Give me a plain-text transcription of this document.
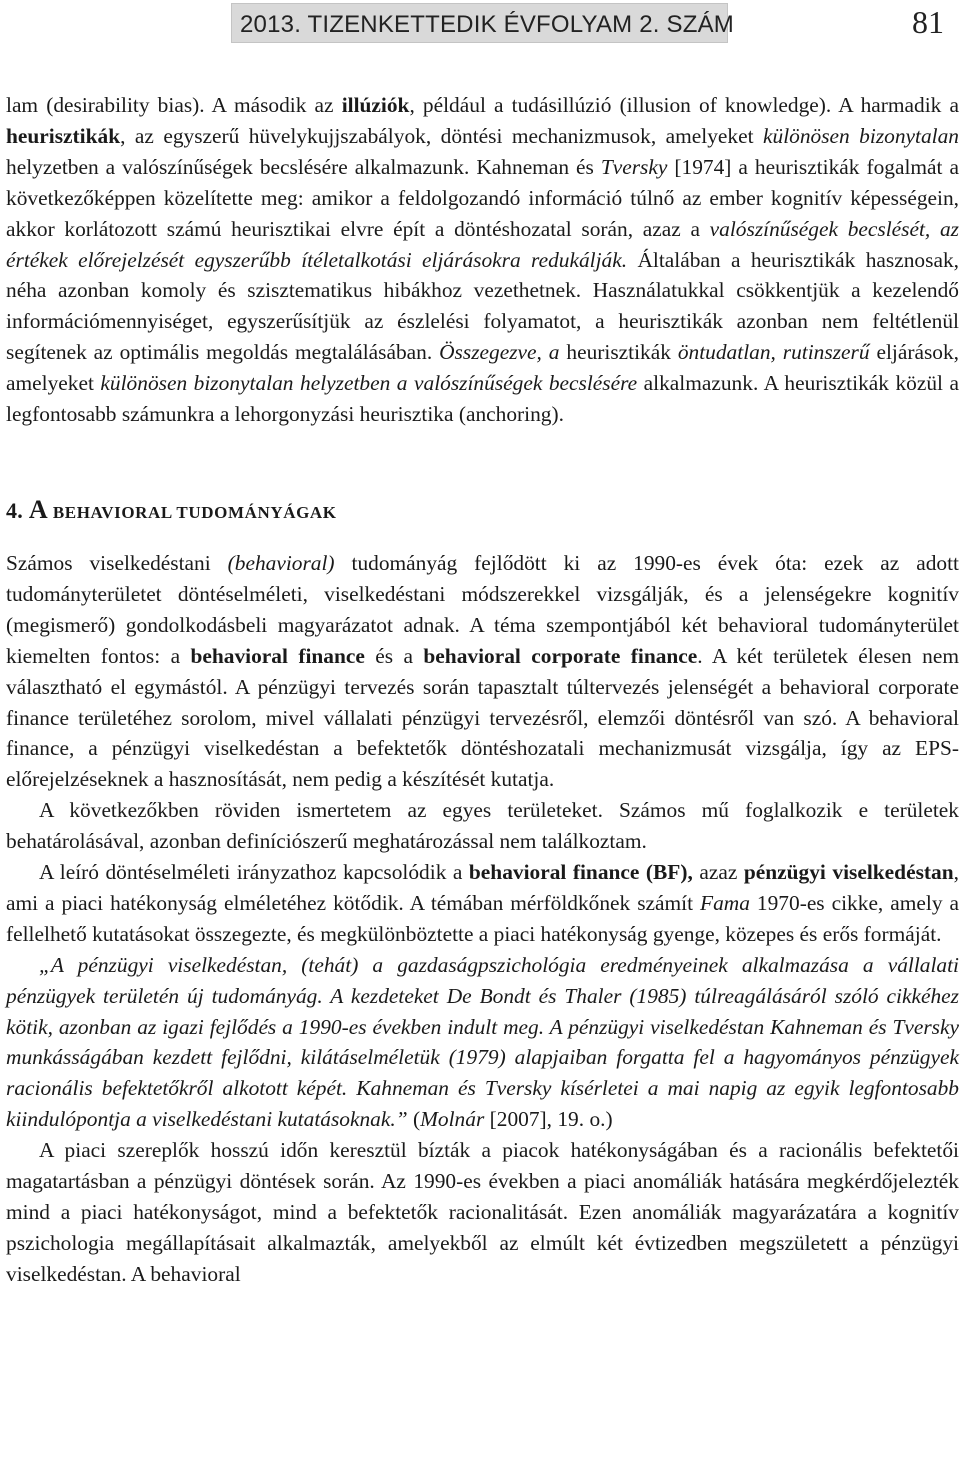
2013. TIZENKETTEDIK ÉVFOLYAM 2. SZÁM	81

lam (desirability bias). A második az illúziók, például a tudásillúzió (illusion of knowledge). A harmadik a heurisztikák, az egyszerű hüvelykujjszabályok, döntési mechanizmusok, amelyeket különösen bizonytalan helyzetben a valószínűségek becslésére alkalmazunk. Kahneman és Tversky [1974] a heurisztikák fogalmát a következőképpen közelítette meg: amikor a feldolgozandó információ túlnő az ember kognitív képességein, akkor korlátozott számú heurisztikai elvre épít a döntéshozatal során, azaz a valószínűségek becslését, az értékek előrejelzését egyszerűbb ítéletalkotási eljárásokra redukálják. Általában a heurisztikák hasznosak, néha azonban komoly és szisztematikus hibákhoz vezethetnek. Használatukkal csökkentjük a kezelendő információmennyiséget, egyszerűsítjük az észlelési folyamatot, a heurisztikák azonban nem feltétlenül segítenek az optimális megoldás megtalálásában. Összegezve, a heurisztikák öntudatlan, rutinszerű eljárások, amelyeket különösen bizonytalan helyzetben a valószínűségek becslésére alkalmazunk. A heurisztikák közül a legfontosabb számunkra a lehorgonyzási heurisztika (anchoring).

4. A BEHAVIORAL TUDOMÁNYÁGAK

Számos viselkedéstani (behavioral) tudományág fejlődött ki az 1990-es évek óta: ezek az adott tudományterületet döntéselméleti, viselkedéstani módszerekkel vizsgálják, és a jelenségekre kognitív (megismerő) gondolkodásbeli magyarázatot adnak. A téma szempontjából két behavioral tudományterület kiemelten fontos: a behavioral finance és a behavioral corporate finance. A két területek élesen nem választható el egymástól. A pénzügyi tervezés során tapasztalt túltervezés jelenségét a behavioral corporate finance területéhez sorolom, mivel vállalati pénzügyi tervezésről, elemzői döntésről van szó. A behavioral finance, a pénzügyi viselkedéstan a befektetők döntéshozatali mechanizmusát vizsgálja, így az EPS-előrejelzéseknek a hasznosítását, nem pedig a készítését kutatja.

A következőkben röviden ismertetem az egyes területeket. Számos mű foglalkozik e területek behatárolásával, azonban definíciószerű meghatározással nem találkoztam.

A leíró döntéselméleti irányzathoz kapcsolódik a behavioral finance (BF), azaz pénzügyi viselkedéstan, ami a piaci hatékonyság elméletéhez kötődik. A témában mérföldkőnek számít Fama 1970-es cikke, amely a fellelhető kutatásokat összegezte, és megkülönböztette a piaci hatékonyság gyenge, közepes és erős formáját.

„A pénzügyi viselkedéstan, (tehát) a gazdaságpszichológia eredményeinek alkalmazása a vállalati pénzügyek területén új tudományág. A kezdeteket De Bondt és Thaler (1985) túlreagálásáról szóló cikkéhez kötik, azonban az igazi fejlődés a 1990-es években indult meg. A pénzügyi viselkedéstan Kahneman és Tversky munkásságában kezdett fejlődni, kilátáselméletük (1979) alapjaiban forgatta fel a hagyományos pénzügyek racionális befektetőkről alkotott képét. Kahneman és Tversky kísérletei a mai napig az egyik legfontosabb kiindulópontja a viselkedéstani kutatásoknak.” (Molnár [2007], 19. o.)

A piaci szereplők hosszú időn keresztül bízták a piacok hatékonyságában és a racionális befektetői magatartásban a pénzügyi döntések során. Az 1990-es években a piaci anomáliák hatására megkérdőjelezték mind a piaci hatékonyságot, mind a befektetők racionalitását. Ezen anomáliák magyarázatára a kognitív pszichologia megállapításait alkalmazták, amelyekből az elmúlt két évtizedben megszületett a pénzügyi viselkedéstan. A behavioral
